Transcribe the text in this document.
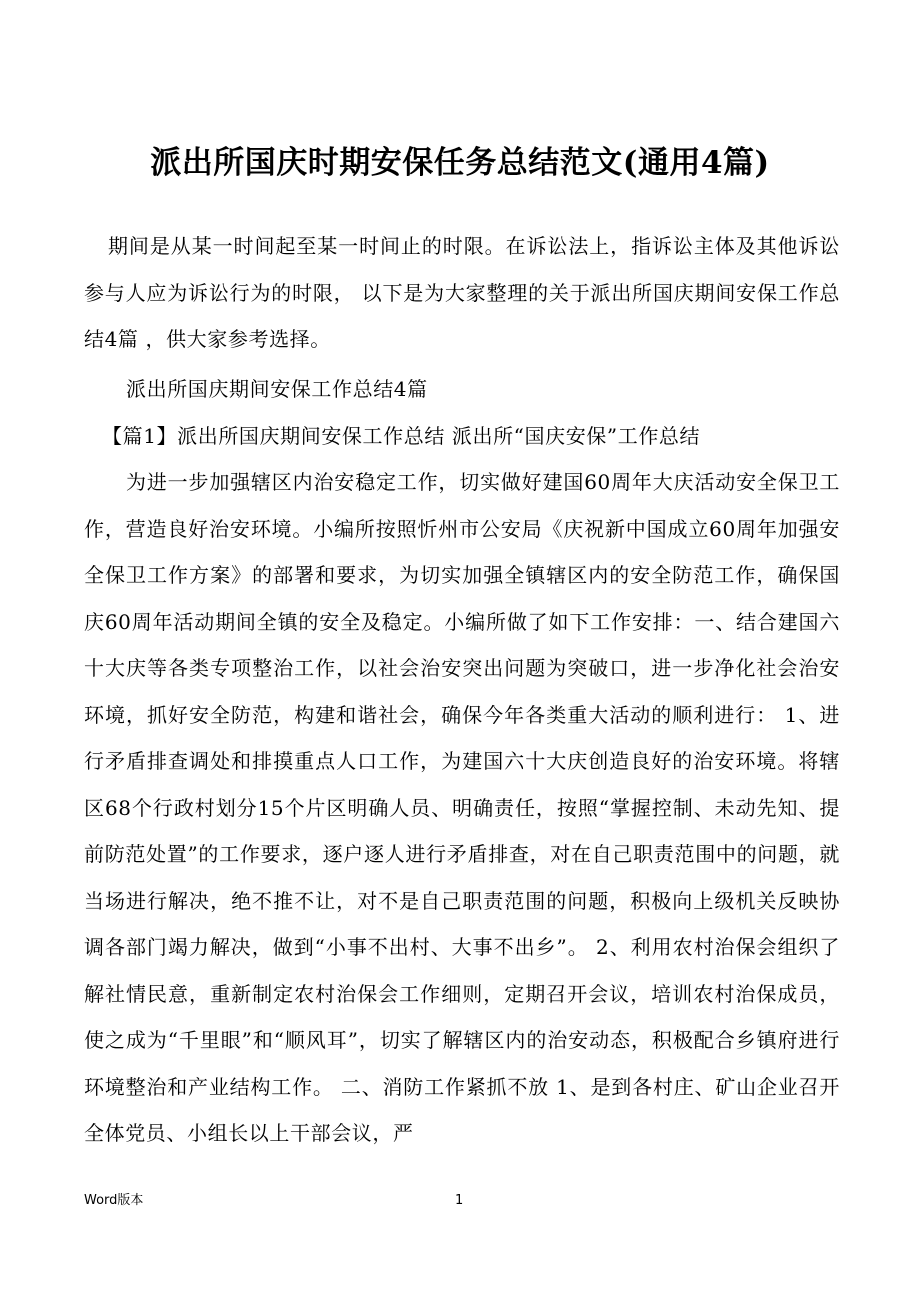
派出所国庆时期安保任务总结范文(通用4篇)

期间是从某一时间起至某一时间止的时限。在诉讼法上，指诉讼主体及其他诉讼参与人应为诉讼行为的时限， 以下是为大家整理的关于派出所国庆期间安保工作总结4篇 ，供大家参考选择。

派出所国庆期间安保工作总结4篇

【篇1】派出所国庆期间安保工作总结 派出所“国庆安保”工作总结

为进一步加强辖区内治安稳定工作，切实做好建国60周年大庆活动安全保卫工作，营造良好治安环境。小编所按照忻州市公安局《庆祝新中国成立60周年加强安全保卫工作方案》的部署和要求，为切实加强全镇辖区内的安全防范工作，确保国庆60周年活动期间全镇的安全及稳定。小编所做了如下工作安排：一、结合建国六十大庆等各类专项整治工作，以社会治安突出问题为突破口，进一步净化社会治安环境，抓好安全防范，构建和谐社会，确保今年各类重大活动的顺利进行： 1、进行矛盾排查调处和排摸重点人口工作，为建国六十大庆创造良好的治安环境。将辖区68个行政村划分15个片区明确人员、明确责任，按照“掌握控制、未动先知、提前防范处置”的工作要求，逐户逐人进行矛盾排查，对在自己职责范围中的问题，就当场进行解决，绝不推不让，对不是自己职责范围的问题，积极向上级机关反映协调各部门竭力解决，做到“小事不出村、大事不出乡”。 2、利用农村治保会组织了解社情民意，重新制定农村治保会工作细则，定期召开会议，培训农村治保成员，使之成为“千里眼”和“顺风耳”，切实了解辖区内的治安动态，积极配合乡镇府进行环境整治和产业结构工作。 二、消防工作紧抓不放 1、是到各村庄、矿山企业召开全体党员、小组长以上干部会议，严

Word版本	1
